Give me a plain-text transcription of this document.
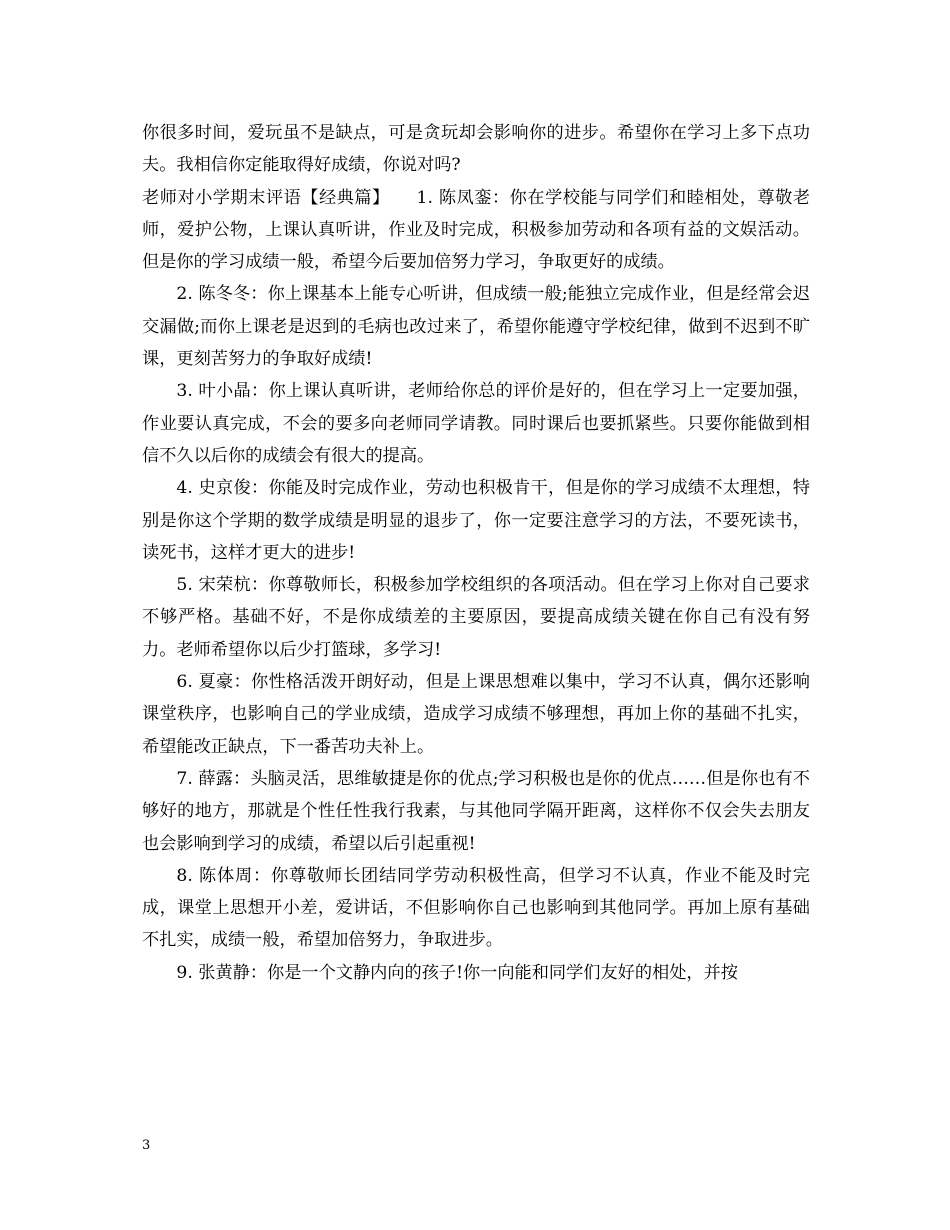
你很多时间，爱玩虽不是缺点，可是贪玩却会影响你的进步。希望你在学习上多下点功夫。我相信你定能取得好成绩，你说对吗?

老师对小学期末评语【经典篇】　　1. 陈凤銮：你在学校能与同学们和睦相处，尊敬老师，爱护公物，上课认真听讲，作业及时完成，积极参加劳动和各项有益的文娱活动。但是你的学习成绩一般，希望今后要加倍努力学习，争取更好的成绩。

2. 陈冬冬：你上课基本上能专心听讲，但成绩一般;能独立完成作业，但是经常会迟交漏做;而你上课老是迟到的毛病也改过来了，希望你能遵守学校纪律，做到不迟到不旷课，更刻苦努力的争取好成绩!

3. 叶小晶：你上课认真听讲，老师给你总的评价是好的，但在学习上一定要加强，作业要认真完成，不会的要多向老师同学请教。同时课后也要抓紧些。只要你能做到相信不久以后你的成绩会有很大的提高。

4. 史京俊：你能及时完成作业，劳动也积极肯干，但是你的学习成绩不太理想，特别是你这个学期的数学成绩是明显的退步了，你一定要注意学习的方法，不要死读书，读死书，这样才更大的进步!

5. 宋荣杭：你尊敬师长，积极参加学校组织的各项活动。但在学习上你对自己要求不够严格。基础不好，不是你成绩差的主要原因，要提高成绩关键在你自己有没有努力。老师希望你以后少打篮球，多学习!

6. 夏豪：你性格活泼开朗好动，但是上课思想难以集中，学习不认真，偶尔还影响课堂秩序，也影响自己的学业成绩，造成学习成绩不够理想，再加上你的基础不扎实，希望能改正缺点，下一番苦功夫补上。

7. 薛露：头脑灵活，思维敏捷是你的优点;学习积极也是你的优点……但是你也有不够好的地方，那就是个性任性我行我素，与其他同学隔开距离，这样你不仅会失去朋友也会影响到学习的成绩，希望以后引起重视!

8. 陈体周：你尊敬师长团结同学劳动积极性高，但学习不认真，作业不能及时完成，课堂上思想开小差，爱讲话，不但影响你自己也影响到其他同学。再加上原有基础不扎实，成绩一般，希望加倍努力，争取进步。

9. 张黄静：你是一个文静内向的孩子!你一向能和同学们友好的相处，并按

3
